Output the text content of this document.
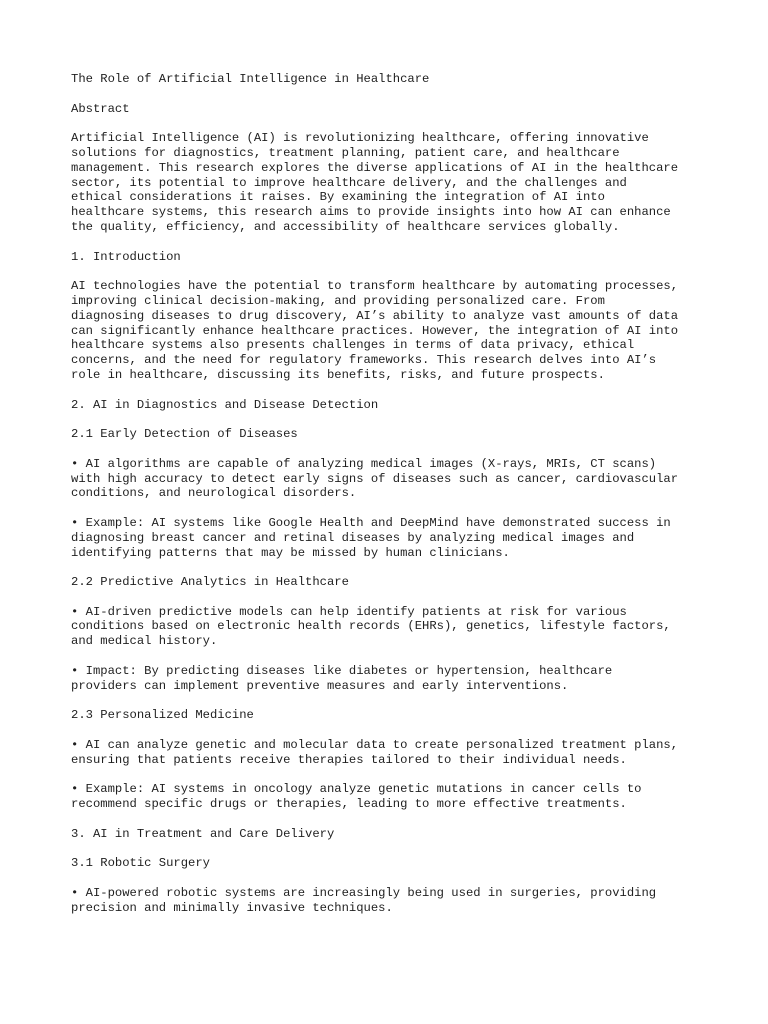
The Role of Artificial Intelligence in Healthcare

Abstract

Artificial Intelligence (AI) is revolutionizing healthcare, offering innovative
solutions for diagnostics, treatment planning, patient care, and healthcare
management. This research explores the diverse applications of AI in the healthcare
sector, its potential to improve healthcare delivery, and the challenges and
ethical considerations it raises. By examining the integration of AI into
healthcare systems, this research aims to provide insights into how AI can enhance
the quality, efficiency, and accessibility of healthcare services globally.

1. Introduction

AI technologies have the potential to transform healthcare by automating processes,
improving clinical decision-making, and providing personalized care. From
diagnosing diseases to drug discovery, AI’s ability to analyze vast amounts of data
can significantly enhance healthcare practices. However, the integration of AI into
healthcare systems also presents challenges in terms of data privacy, ethical
concerns, and the need for regulatory frameworks. This research delves into AI’s
role in healthcare, discussing its benefits, risks, and future prospects.

2. AI in Diagnostics and Disease Detection

2.1 Early Detection of Diseases

• AI algorithms are capable of analyzing medical images (X-rays, MRIs, CT scans)
with high accuracy to detect early signs of diseases such as cancer, cardiovascular
conditions, and neurological disorders.

• Example: AI systems like Google Health and DeepMind have demonstrated success in
diagnosing breast cancer and retinal diseases by analyzing medical images and
identifying patterns that may be missed by human clinicians.

2.2 Predictive Analytics in Healthcare

• AI-driven predictive models can help identify patients at risk for various
conditions based on electronic health records (EHRs), genetics, lifestyle factors,
and medical history.

• Impact: By predicting diseases like diabetes or hypertension, healthcare
providers can implement preventive measures and early interventions.

2.3 Personalized Medicine

• AI can analyze genetic and molecular data to create personalized treatment plans,
ensuring that patients receive therapies tailored to their individual needs.

• Example: AI systems in oncology analyze genetic mutations in cancer cells to
recommend specific drugs or therapies, leading to more effective treatments.

3. AI in Treatment and Care Delivery

3.1 Robotic Surgery

• AI-powered robotic systems are increasingly being used in surgeries, providing
precision and minimally invasive techniques.
